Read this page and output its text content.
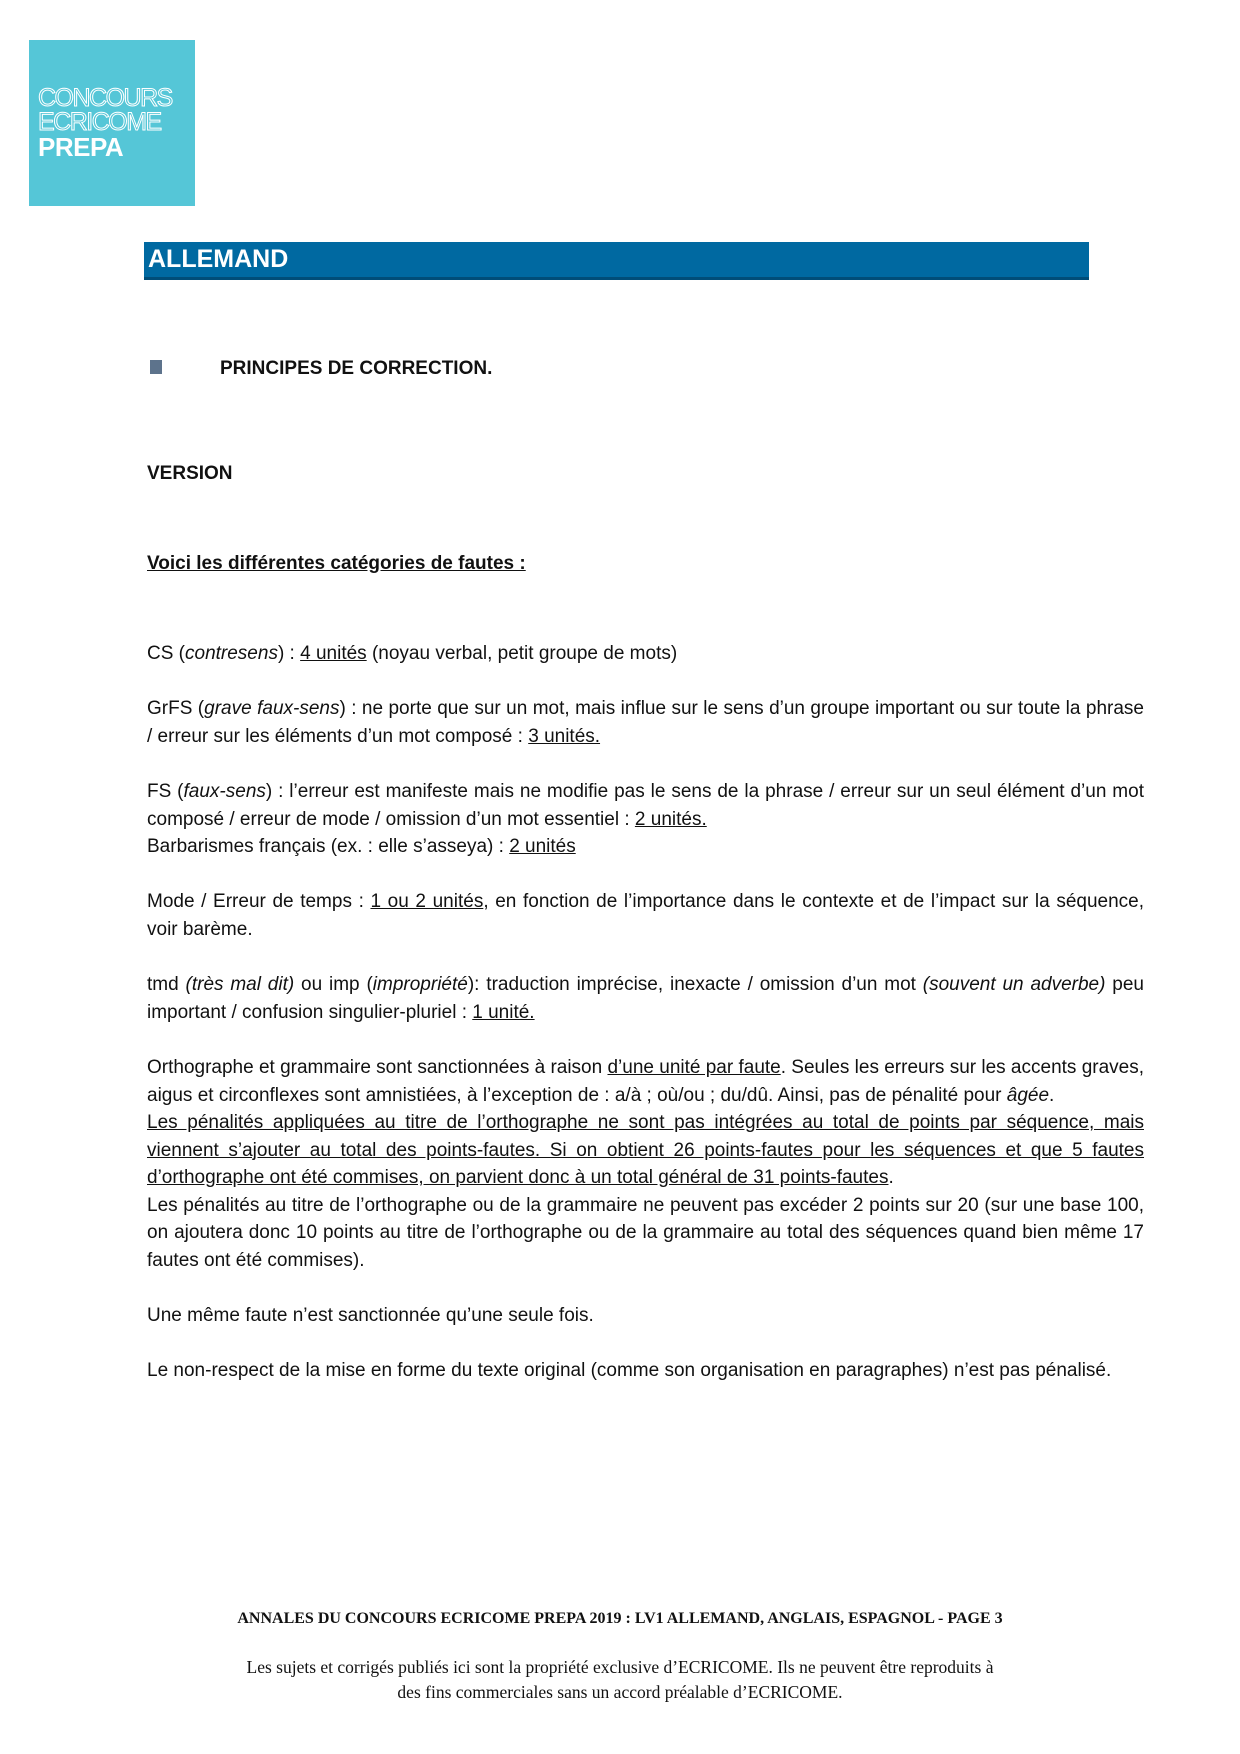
CONCOURS
ECRICOME
PREPA
ALLEMAND
PRINCIPES DE CORRECTION.
VERSION
Voici les différentes catégories de fautes :

CS (contresens) : 4 unités (noyau verbal, petit groupe de mots)

GrFS (grave faux-sens) : ne porte que sur un mot, mais influe sur le sens d’un groupe important ou sur toute la phrase / erreur sur les éléments d’un mot composé : 3 unités.

FS (faux-sens) : l’erreur est manifeste mais ne modifie pas le sens de la phrase / erreur sur un seul élément d’un mot composé / erreur de mode / omission d’un mot essentiel : 2 unités.

Barbarismes français (ex. : elle s’asseya) : 2 unités

Mode / Erreur de temps : 1 ou 2 unités, en fonction de l’importance dans le contexte et de l’impact sur la séquence, voir barème.

tmd (très mal dit) ou imp (impropriété): traduction imprécise, inexacte / omission d’un mot (souvent un adverbe) peu important / confusion singulier-pluriel : 1 unité.

Orthographe et grammaire sont sanctionnées à raison d’une unité par faute. Seules les erreurs sur les accents graves, aigus et circonflexes sont amnistiées, à l’exception de : a/à ; où/ou ; du/dû. Ainsi, pas de pénalité pour âgée.

Les pénalités appliquées au titre de l’orthographe ne sont pas intégrées au total de points par séquence, mais viennent s’ajouter au total des points-fautes. Si on obtient 26 points-fautes pour les séquences et que 5 fautes d’orthographe ont été commises, on parvient donc à un total général de 31 points-fautes.

Les pénalités au titre de l’orthographe ou de la grammaire ne peuvent pas excéder 2 points sur 20 (sur une base 100, on ajoutera donc 10 points au titre de l’orthographe ou de la grammaire au total des séquences quand bien même 17 fautes ont été commises).

Une même faute n’est sanctionnée qu’une seule fois.

Le non-respect de la mise en forme du texte original (comme son organisation en paragraphes) n’est pas pénalisé.

ANNALES DU CONCOURS ECRICOME PREPA 2019 : LV1 ALLEMAND, ANGLAIS, ESPAGNOL - PAGE 3
Les sujets et corrigés publiés ici sont la propriété exclusive d’ECRICOME. Ils ne peuvent être reproduits à
des fins commerciales sans un accord préalable d’ECRICOME.
